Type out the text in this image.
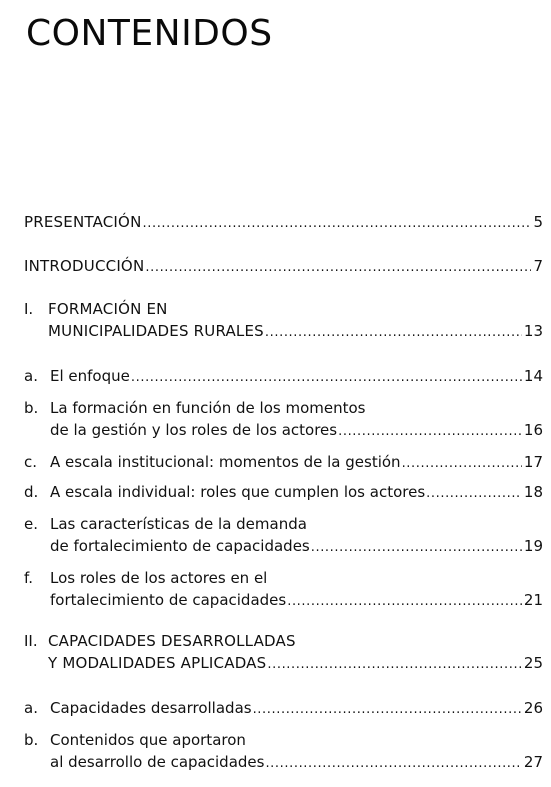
CONTENIDOS
PRESENTACIÓN .....	5
INTRODUCCIÓN .....	7
I. FORMACIÓN EN
MUNICIPALIDADES RURALES .....	13
a. El enfoque .....	14
b. La formación en función de los momentos
de la gestión y los roles de los actores .....	16
c. A escala institucional: momentos de la gestión .....	17
d. A escala individual: roles que cumplen los actores .....	18
e. Las características de la demanda
de fortalecimiento de capacidades .....	19
f.	Los roles de los actores en el
fortalecimiento de capacidades .....	21
II. CAPACIDADES DESARROLLADAS
Y MODALIDADES APLICADAS .....	25
a. Capacidades desarrolladas .....	26
b. Contenidos que aportaron
al desarrollo de capacidades .....	27
